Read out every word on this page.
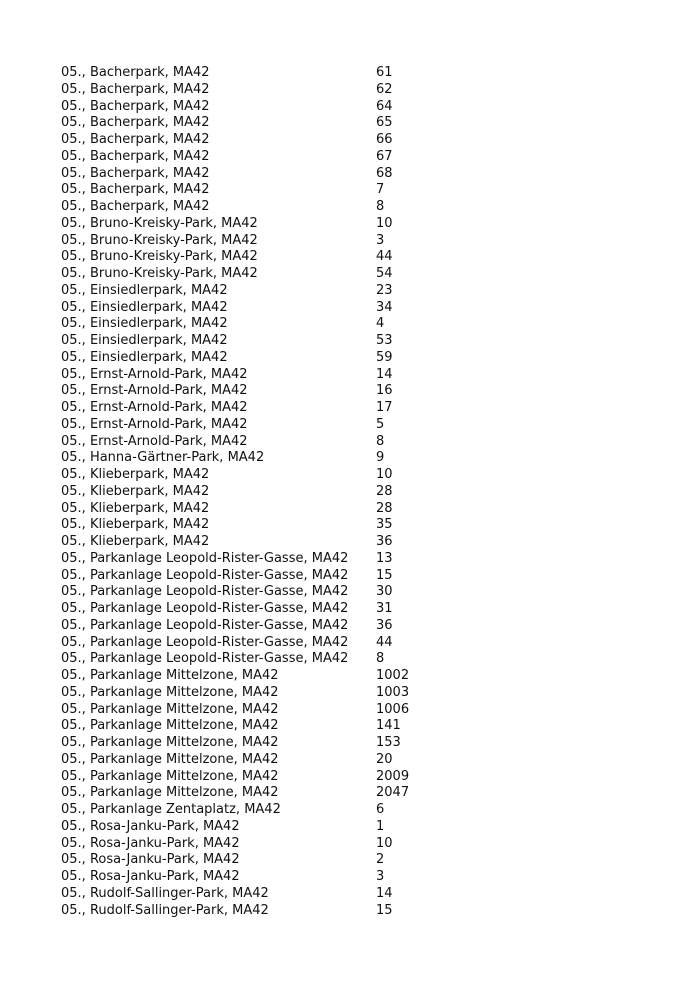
05., Bacherpark, MA42	61
05., Bacherpark, MA42	62
05., Bacherpark, MA42	64
05., Bacherpark, MA42	65
05., Bacherpark, MA42	66
05., Bacherpark, MA42	67
05., Bacherpark, MA42	68
05., Bacherpark, MA42	7
05., Bacherpark, MA42	8
05., Bruno-Kreisky-Park, MA42	10
05., Bruno-Kreisky-Park, MA42	3
05., Bruno-Kreisky-Park, MA42	44
05., Bruno-Kreisky-Park, MA42	54
05., Einsiedlerpark, MA42	23
05., Einsiedlerpark, MA42	34
05., Einsiedlerpark, MA42	4
05., Einsiedlerpark, MA42	53
05., Einsiedlerpark, MA42	59
05., Ernst-Arnold-Park, MA42	14
05., Ernst-Arnold-Park, MA42	16
05., Ernst-Arnold-Park, MA42	17
05., Ernst-Arnold-Park, MA42	5
05., Ernst-Arnold-Park, MA42	8
05., Hanna-Gärtner-Park, MA42	9
05., Klieberpark, MA42	10
05., Klieberpark, MA42	28
05., Klieberpark, MA42	28
05., Klieberpark, MA42	35
05., Klieberpark, MA42	36
05., Parkanlage Leopold-Rister-Gasse, MA42 13
05., Parkanlage Leopold-Rister-Gasse, MA42 15
05., Parkanlage Leopold-Rister-Gasse, MA42 30
05., Parkanlage Leopold-Rister-Gasse, MA42 31
05., Parkanlage Leopold-Rister-Gasse, MA42 36
05., Parkanlage Leopold-Rister-Gasse, MA42 44
05., Parkanlage Leopold-Rister-Gasse, MA42 8
05., Parkanlage Mittelzone, MA42	1002
05., Parkanlage Mittelzone, MA42	1003
05., Parkanlage Mittelzone, MA42	1006
05., Parkanlage Mittelzone, MA42	141
05., Parkanlage Mittelzone, MA42	153
05., Parkanlage Mittelzone, MA42	20
05., Parkanlage Mittelzone, MA42	2009
05., Parkanlage Mittelzone, MA42	2047
05., Parkanlage Zentaplatz, MA42	6
05., Rosa-Janku-Park, MA42	1
05., Rosa-Janku-Park, MA42	10
05., Rosa-Janku-Park, MA42	2
05., Rosa-Janku-Park, MA42	3
05., Rudolf-Sallinger-Park, MA42	14
05., Rudolf-Sallinger-Park, MA42	15
